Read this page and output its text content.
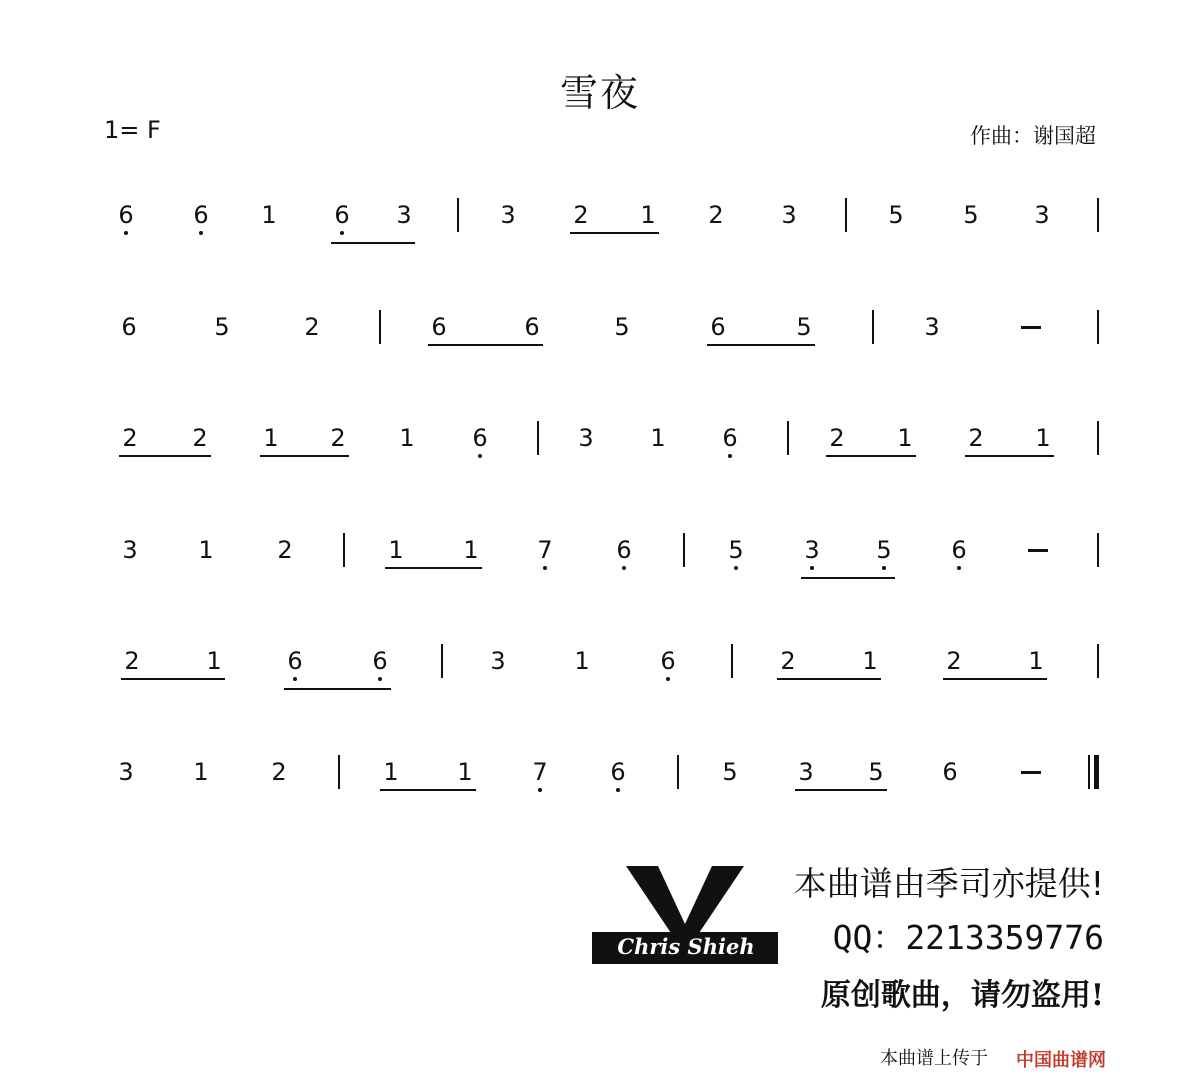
雪夜
1= F	作曲：谢国超
6	6	1	6	3	3	2	1	2	3	5	5	3
6	5	2	6	6	5	6	5	3
2	2	1	2	1	6	3	1	6	2	1	2	1
3	1	2	1	1	7	6	5	3	5	6
2	1	6	6	3	1	6	2	1	2	1
3	1	2	1	1	7	6	5	3	5	6
Chris Shieh
本曲谱由季司亦提供!
QQ：2213359776
原创歌曲，请勿盗用!
本曲谱上传于 中国曲谱网
